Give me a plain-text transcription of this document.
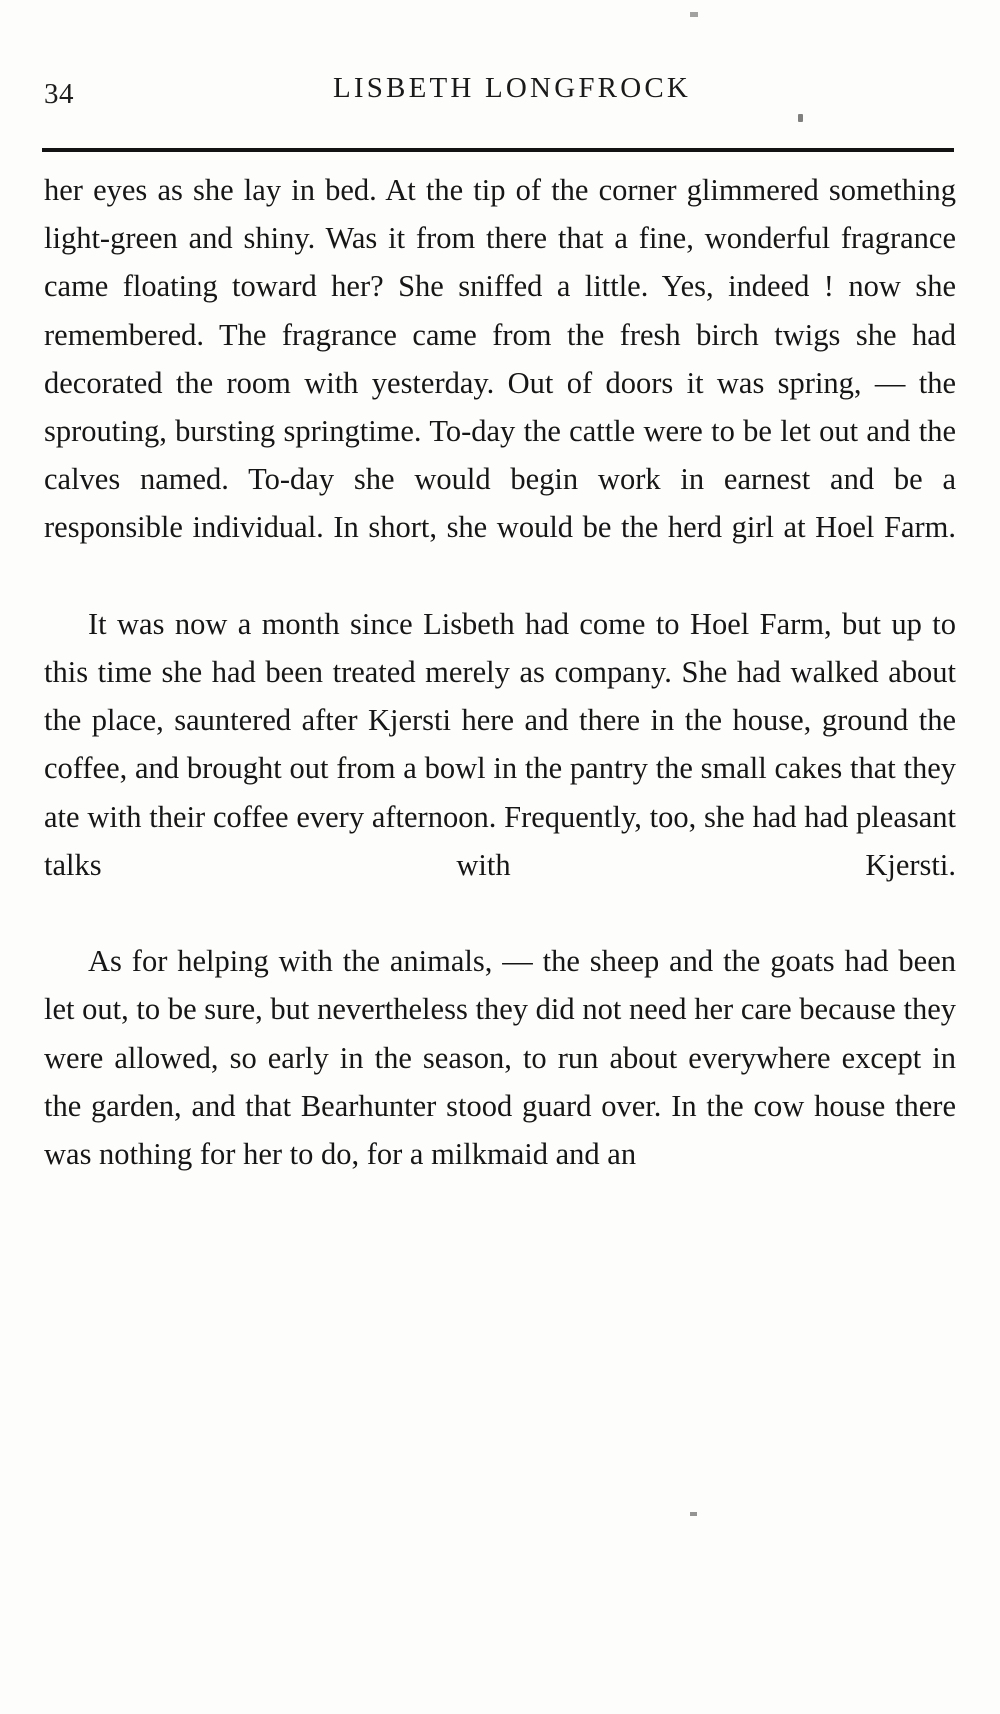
34	LISBETH LONGFROCK

her eyes as she lay in bed. At the tip of the corner glimmered something light-green and shiny. Was it from there that a fine, wonderful fragrance came floating toward her? She sniffed a little. Yes, indeed ! now she remembered. The fragrance came from the fresh birch twigs she had decorated the room with yesterday. Out of doors it was spring, — the sprouting, bursting springtime. To-day the cattle were to be let out and the calves named. To-day she would begin work in earnest and be a responsible individual. In short, she would be the herd girl at Hoel Farm.

It was now a month since Lisbeth had come to Hoel Farm, but up to this time she had been treated merely as company. She had walked about the place, sauntered after Kjersti here and there in the house, ground the coffee, and brought out from a bowl in the pantry the small cakes that they ate with their coffee every afternoon. Frequently, too, she had had pleasant talks with Kjersti.

As for helping with the animals, — the sheep and the goats had been let out, to be sure, but nevertheless they did not need her care because they were allowed, so early in the season, to run about everywhere except in the garden, and that Bearhunter stood guard over. In the cow house there was nothing for her to do, for a milkmaid and an
